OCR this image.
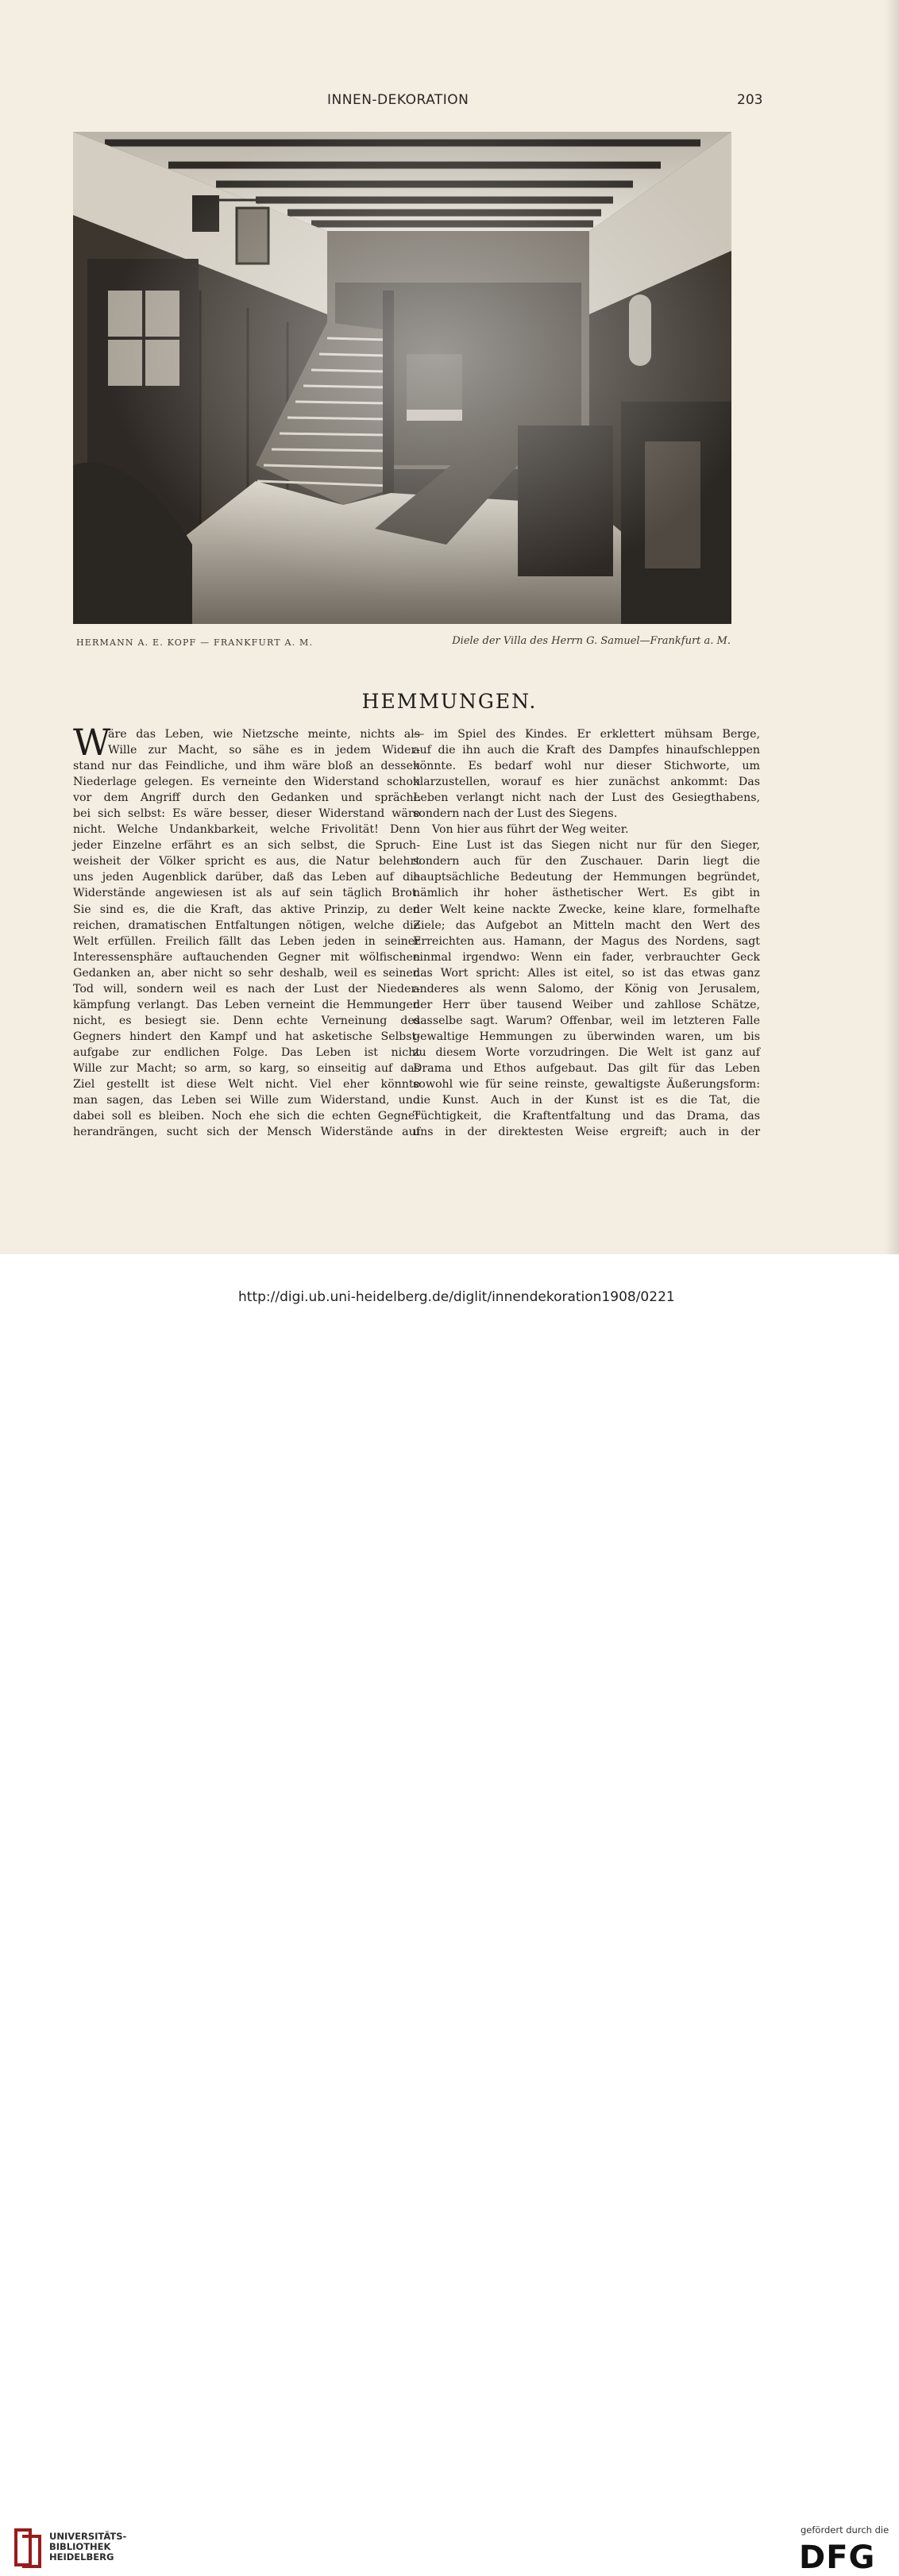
INNEN-DEKORATION	203
HERMANN A. E. KOPF — FRANKFURT A. M.	Diele der Villa des Herrn G. Samuel—Frankfurt a. M.
HEMMUNGEN.
W
äre das Leben, wie Nietzsche meinte, nichts als
Wille zur Macht, so sähe es in jedem Wider-
stand nur das Feindliche, und ihm wäre bloß an dessen
Niederlage gelegen. Es verneinte den Widerstand schon
vor dem Angriff durch den Gedanken und spräche
bei sich selbst: Es wäre besser, dieser Widerstand wäre
nicht. Welche Undankbarkeit, welche Frivolität! Denn
jeder Einzelne erfährt es an sich selbst, die Spruch-
weisheit der Völker spricht es aus, die Natur belehrt
uns jeden Augenblick darüber, daß das Leben auf die
Widerstände angewiesen ist als auf sein täglich Brot.
Sie sind es, die die Kraft, das aktive Prinzip, zu den
reichen, dramatischen Entfaltungen nötigen, welche die
Welt erfüllen. Freilich fällt das Leben jeden in seiner
Interessensphäre auftauchenden Gegner mit wölfischen
Gedanken an, aber nicht so sehr deshalb, weil es seinen
Tod will, sondern weil es nach der Lust der Nieder-
kämpfung verlangt. Das Leben verneint die Hemmungen
nicht, es besiegt sie. Denn echte Verneinung des
Gegners hindert den Kampf und hat asketische Selbst-
aufgabe zur endlichen Folge. Das Leben ist nicht
Wille zur Macht; so arm, so karg, so einseitig auf das
Ziel gestellt ist diese Welt nicht. Viel eher könnte
man sagen, das Leben sei Wille zum Widerstand, und
dabei soll es bleiben. Noch ehe sich die echten Gegner
herandrängen, sucht sich der Mensch Widerstände auf
— im Spiel des Kindes. Er erklettert mühsam Berge,
auf die ihn auch die Kraft des Dampfes hinaufschleppen
könnte. Es bedarf wohl nur dieser Stichworte, um
klarzustellen, worauf es hier zunächst ankommt: Das
Leben verlangt nicht nach der Lust des Gesiegthabens,
sondern nach der Lust des Siegens.
Von hier aus führt der Weg weiter.
Eine Lust ist das Siegen nicht nur für den Sieger,
sondern auch für den Zuschauer. Darin liegt die
hauptsächliche Bedeutung der Hemmungen begründet,
nämlich ihr hoher ästhetischer Wert. Es gibt in
der Welt keine nackte Zwecke, keine klare, formelhafte
Ziele; das Aufgebot an Mitteln macht den Wert des
Erreichten aus. Hamann, der Magus des Nordens, sagt
einmal irgendwo: Wenn ein fader, verbrauchter Geck
das Wort spricht: Alles ist eitel, so ist das etwas ganz
anderes als wenn Salomo, der König von Jerusalem,
der Herr über tausend Weiber und zahllose Schätze,
dasselbe sagt. Warum? Offenbar, weil im letzteren Falle
gewaltige Hemmungen zu überwinden waren, um bis
zu diesem Worte vorzudringen. Die Welt ist ganz auf
Drama und Ethos aufgebaut. Das gilt für das Leben
sowohl wie für seine reinste, gewaltigste Äußerungsform:
die Kunst. Auch in der Kunst ist es die Tat, die
Tüchtigkeit, die Kraftentfaltung und das Drama, das
uns in der direktesten Weise ergreift; auch in der
UNIVERSITÄTS-
BIBLIOTHEK
HEIDELBERG
gefördert durch die
DFG
http://digi.ub.uni-heidelberg.de/diglit/innendekoration1908/0221
